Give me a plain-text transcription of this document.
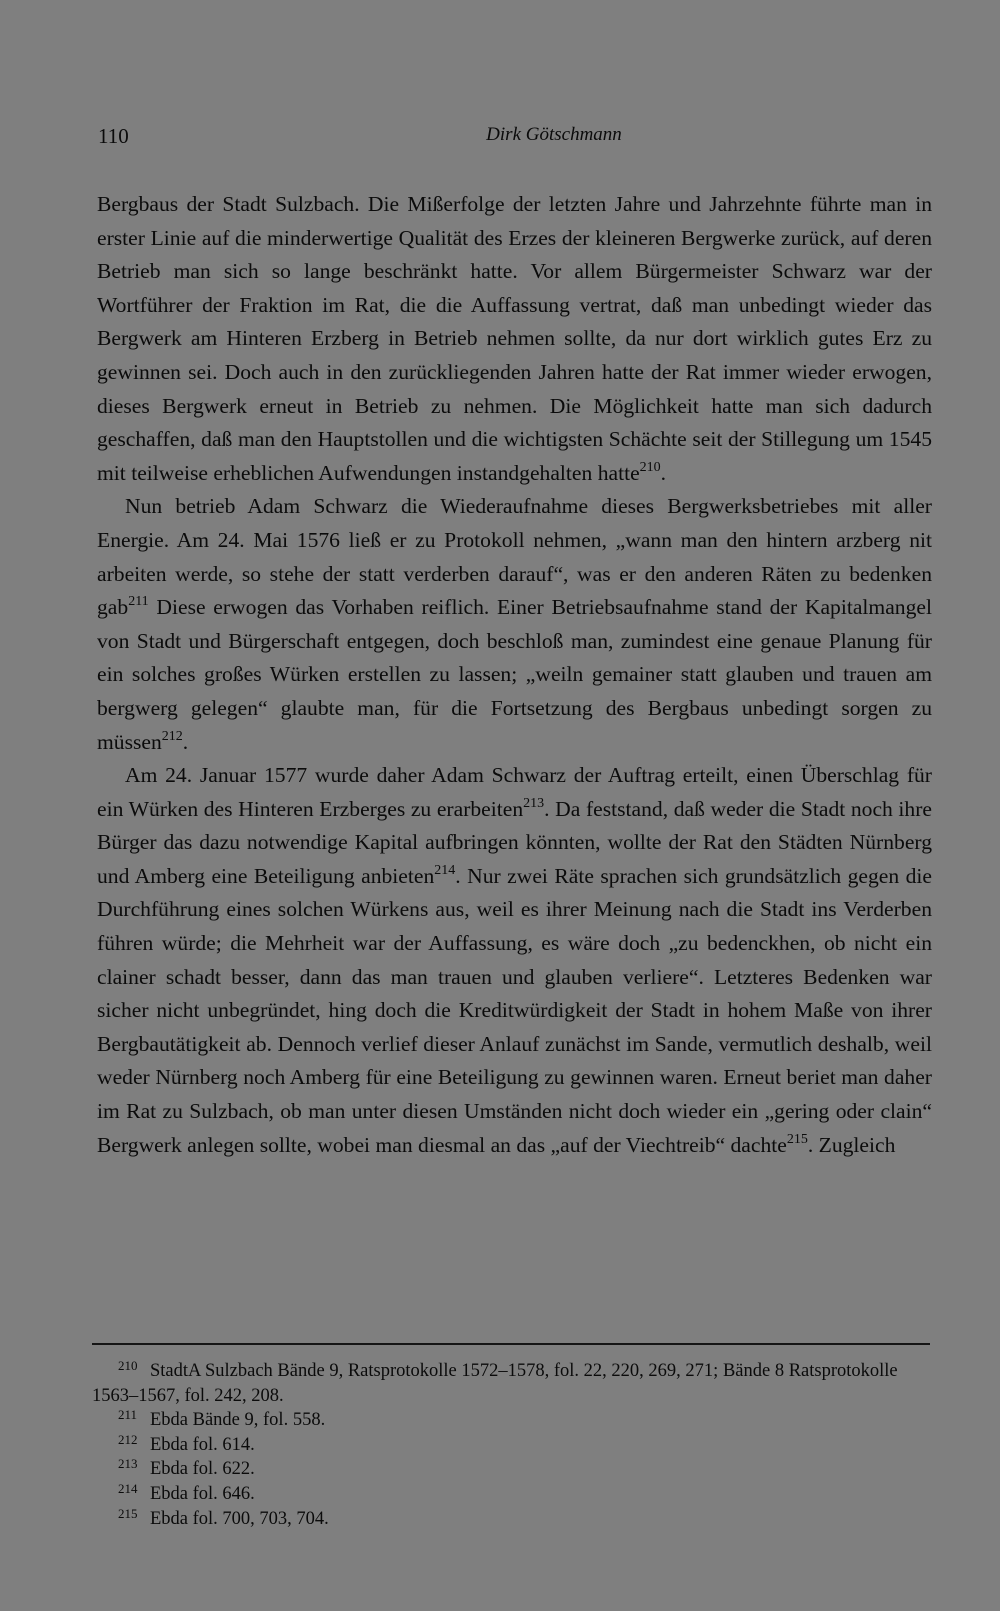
110	Dirk Götschmann

Bergbaus der Stadt Sulzbach. Die Mißerfolge der letzten Jahre und Jahrzehnte führte man in erster Linie auf die minderwertige Qualität des Erzes der kleineren Bergwerke zurück, auf deren Betrieb man sich so lange beschränkt hatte. Vor allem Bürgermeister Schwarz war der Wortführer der Fraktion im Rat, die die Auffassung vertrat, daß man unbedingt wieder das Bergwerk am Hinteren Erzberg in Betrieb nehmen sollte, da nur dort wirklich gutes Erz zu gewinnen sei. Doch auch in den zurückliegenden Jahren hatte der Rat immer wieder erwogen, dieses Bergwerk erneut in Betrieb zu nehmen. Die Möglichkeit hatte man sich dadurch geschaffen, daß man den Hauptstollen und die wichtigsten Schächte seit der Stillegung um 1545 mit teilweise erheblichen Aufwendungen instandgehalten hatte$^{210}$.

Nun betrieb Adam Schwarz die Wiederaufnahme dieses Bergwerksbetriebes mit aller Energie. Am 24. Mai 1576 ließ er zu Protokoll nehmen, „wann man den hintern arzberg nit arbeiten werde, so stehe der statt verderben darauf“, was er den anderen Räten zu bedenken gab$^{211}$ Diese erwogen das Vorhaben reiflich. Einer Betriebsaufnahme stand der Kapitalmangel von Stadt und Bürgerschaft entgegen, doch beschloß man, zumindest eine genaue Planung für ein solches großes Würken erstellen zu lassen; „weiln gemainer statt glauben und trauen am bergwerg gelegen“ glaubte man, für die Fortsetzung des Bergbaus unbedingt sorgen zu müssen$^{212}$.

Am 24. Januar 1577 wurde daher Adam Schwarz der Auftrag erteilt, einen Überschlag für ein Würken des Hinteren Erzberges zu erarbeiten$^{213}$. Da feststand, daß weder die Stadt noch ihre Bürger das dazu notwendige Kapital aufbringen könnten, wollte der Rat den Städten Nürnberg und Amberg eine Beteiligung anbieten$^{214}$. Nur zwei Räte sprachen sich grundsätzlich gegen die Durchführung eines solchen Würkens aus, weil es ihrer Meinung nach die Stadt ins Verderben führen würde; die Mehrheit war der Auffassung, es wäre doch „zu bedenckhen, ob nicht ein clainer schadt besser, dann das man trauen und glauben verliere“. Letzteres Bedenken war sicher nicht unbegründet, hing doch die Kreditwürdigkeit der Stadt in hohem Maße von ihrer Bergbautätigkeit ab. Dennoch verlief dieser Anlauf zunächst im Sande, vermutlich deshalb, weil weder Nürnberg noch Amberg für eine Beteiligung zu gewinnen waren. Erneut beriet man daher im Rat zu Sulzbach, ob man unter diesen Umständen nicht doch wieder ein „gering oder clain“ Bergwerk anlegen sollte, wobei man diesmal an das „auf der Viechtreib“ dachte$^{215}$. Zugleich

210 StadtA Sulzbach Bände 9, Ratsprotokolle 1572–1578, fol. 22, 220, 269, 271; Bände 8 Ratsprotokolle 1563–1567, fol. 242, 208.

211 Ebda Bände 9, fol. 558.

212 Ebda fol. 614.

213 Ebda fol. 622.

214 Ebda fol. 646.

215 Ebda fol. 700, 703, 704.
